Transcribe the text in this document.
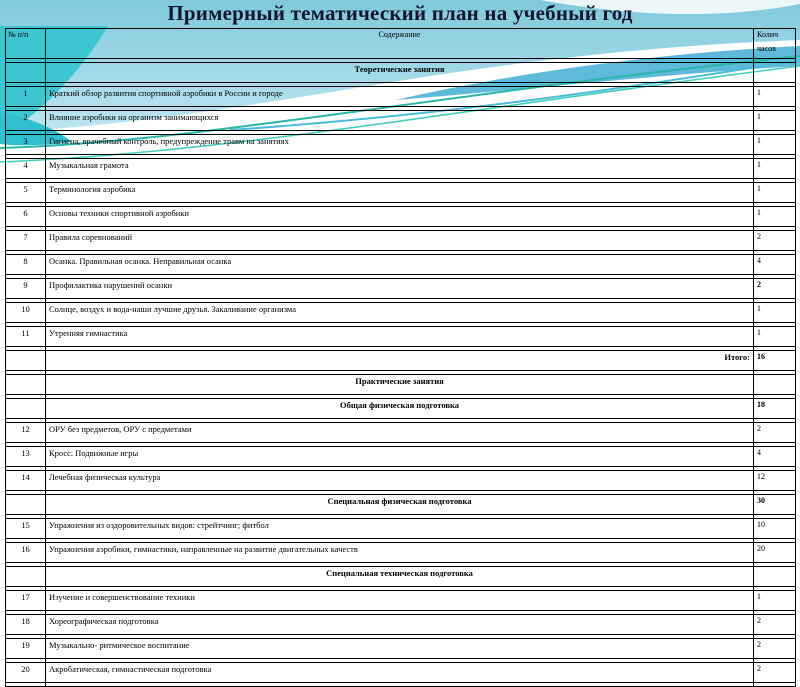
Примерный тематический план на учебный год
№ п/п	Содержание	Колич
часов

	Теоретические занятия	

1	Краткий обзор развития спортивной аэробики в России и городе	1

2	Влияние аэробики на организм занимающихся	1

3	Гигиена, врачебный контроль, предупреждение травм на занятиях	1

4	Музыкальная грамота	1

5	Терминология аэробика	1

6	Основы техники спортивной аэробики	1

7	Правила соревнований	2

8	Осанка. Правильная осанка. Неправильная осанка	4

9	Профилактика нарушений осанки	2

10	Солнце, воздух и вода-наши лучшие друзья. Закаливание организма	1

11	Утренняя гимнастика	1

	Итого:	16

	Практические занятия	

	Общая физическая подготовка	18

12	ОРУ без предметов, ОРУ с предметами	2

13	Кросс. Подвижные игры	4

14	Лечебная физическая культура	12

	Специальная физическая подготовка	30

15	Упражнения из оздоровительных видов: стрейтчинг; фитбол	10

16	Упражнения аэробики, гимнастики, направленные на развитие двигательных качеств	20

	Специальная техническая подготовка	

17	Изучение и совершенствование техники	1

18	Хореографическая подготовка	2

19	Музыкально- ритмическое воспитание	2

20	Акробатическая, гимнастическая подготовка	2
